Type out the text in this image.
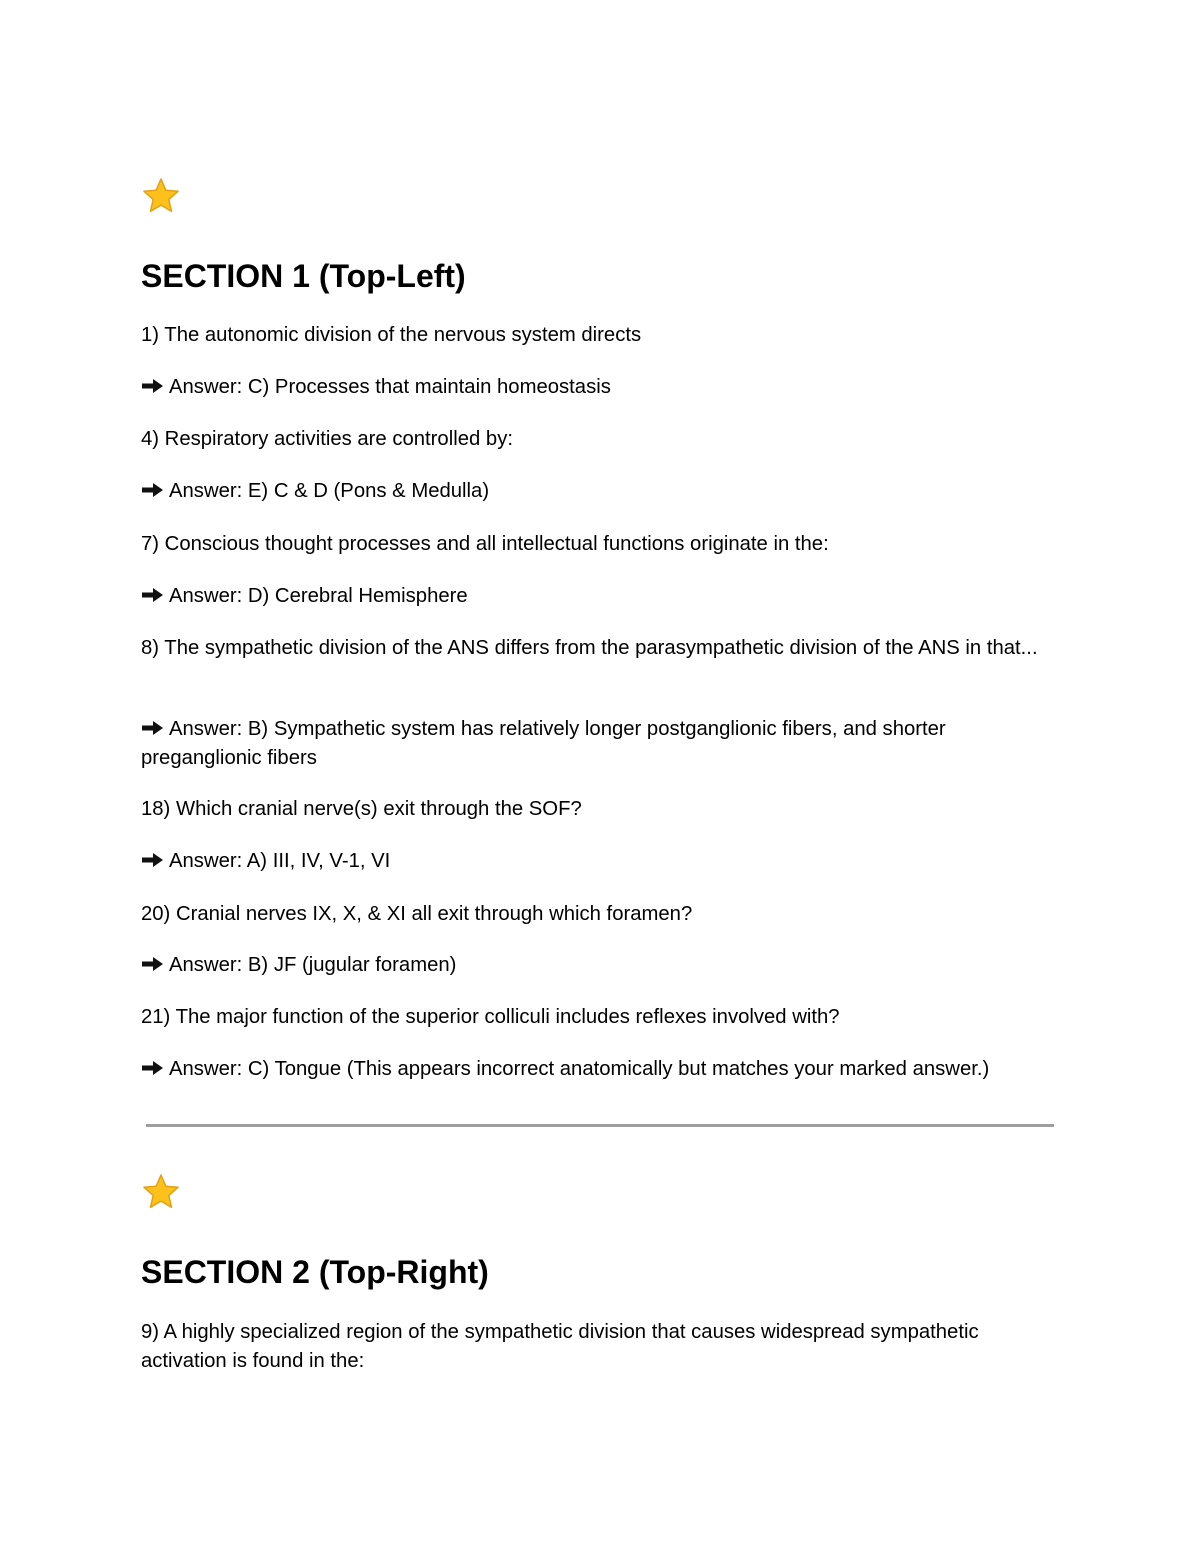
SECTION 1 (Top-Left)
1) The autonomic division of the nervous system directs
Answer: C) Processes that maintain homeostasis
4) Respiratory activities are controlled by:
Answer: E) C & D (Pons & Medulla)
7) Conscious thought processes and all intellectual functions originate in the:
Answer: D) Cerebral Hemisphere
8) The sympathetic division of the ANS differs from the parasympathetic division of the ANS in that...
Answer: B) Sympathetic system has relatively longer postganglionic fibers, and shorter preganglionic fibers
18) Which cranial nerve(s) exit through the SOF?
Answer: A) III, IV, V-1, VI
20) Cranial nerves IX, X, & XI all exit through which foramen?
Answer: B) JF (jugular foramen)
21) The major function of the superior colliculi includes reflexes involved with?
Answer: C) Tongue (This appears incorrect anatomically but matches your marked answer.)
SECTION 2 (Top-Right)
9) A highly specialized region of the sympathetic division that causes widespread sympathetic activation is found in the:
